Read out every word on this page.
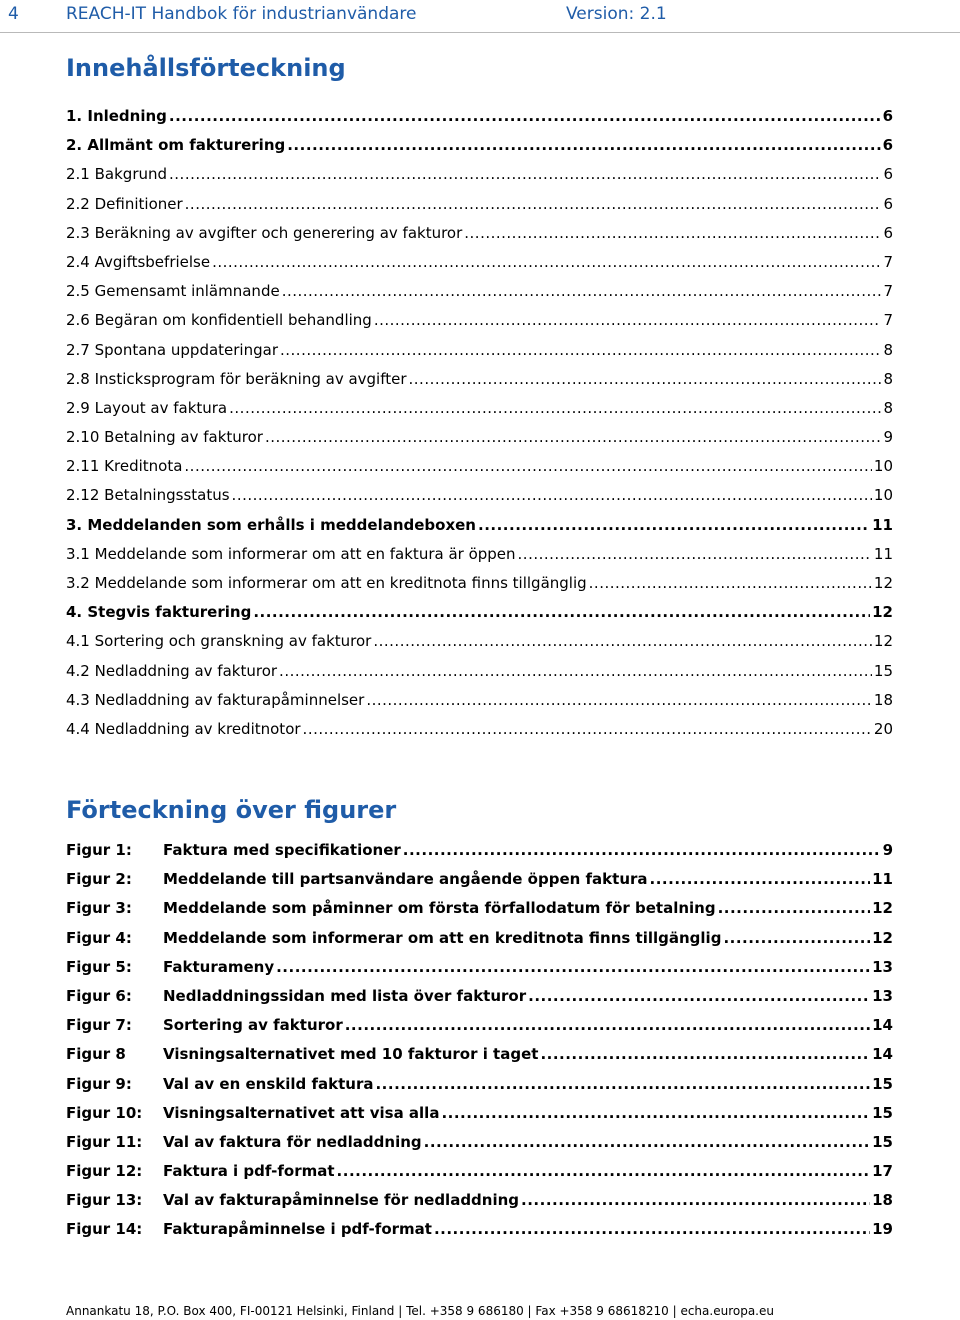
4	REACH-IT Handbok för industrianvändare	Version: 2.1
Innehållsförteckning
1. Inledning .....	6
2. Allmänt om fakturering .....	6
2.1 Bakgrund .....	6
2.2 Definitioner .....	6
2.3 Beräkning av avgifter och generering av fakturor .....	6
2.4 Avgiftsbefrielse .....	7
2.5 Gemensamt inlämnande .....	7
2.6 Begäran om konfidentiell behandling .....	7
2.7 Spontana uppdateringar .....	8
2.8 Insticksprogram för beräkning av avgifter .....	8
2.9 Layout av faktura .....	8
2.10 Betalning av fakturor .....	9
2.11 Kreditnota .....	10
2.12 Betalningsstatus .....	10
3. Meddelanden som erhålls i meddelandeboxen .....	11
3.1 Meddelande som informerar om att en faktura är öppen .....	11
3.2 Meddelande som informerar om att en kreditnota finns tillgänglig .....	12
4. Stegvis fakturering .....	12
4.1 Sortering och granskning av fakturor .....	12
4.2 Nedladdning av fakturor .....	15
4.3 Nedladdning av fakturapåminnelser .....	18
4.4 Nedladdning av kreditnotor .....	20
Förteckning över figurer
Figur 1:	Faktura med specifikationer .....	9
Figur 2:	Meddelande till partsanvändare angående öppen faktura .....	11
Figur 3:	Meddelande som påminner om första förfallodatum för betalning .....	12
Figur 4:	Meddelande som informerar om att en kreditnota finns tillgänglig .....	12
Figur 5:	Fakturameny .....	13
Figur 6:	Nedladdningssidan med lista över fakturor .....	13
Figur 7:	Sortering av fakturor .....	14
Figur 8	Visningsalternativet med 10 fakturor i taget .....	14
Figur 9:	Val av en enskild faktura .....	15
Figur 10:	Visningsalternativet att visa alla .....	15
Figur 11:	Val av faktura för nedladdning .....	15
Figur 12:	Faktura i pdf-format .....	17
Figur 13:	Val av fakturapåminnelse för nedladdning .....	18
Figur 14:	Fakturapåminnelse i pdf-format .....	19
Annankatu 18, P.O. Box 400, FI-00121 Helsinki, Finland | Tel. +358 9 686180 | Fax +358 9 68618210 | echa.europa.eu
